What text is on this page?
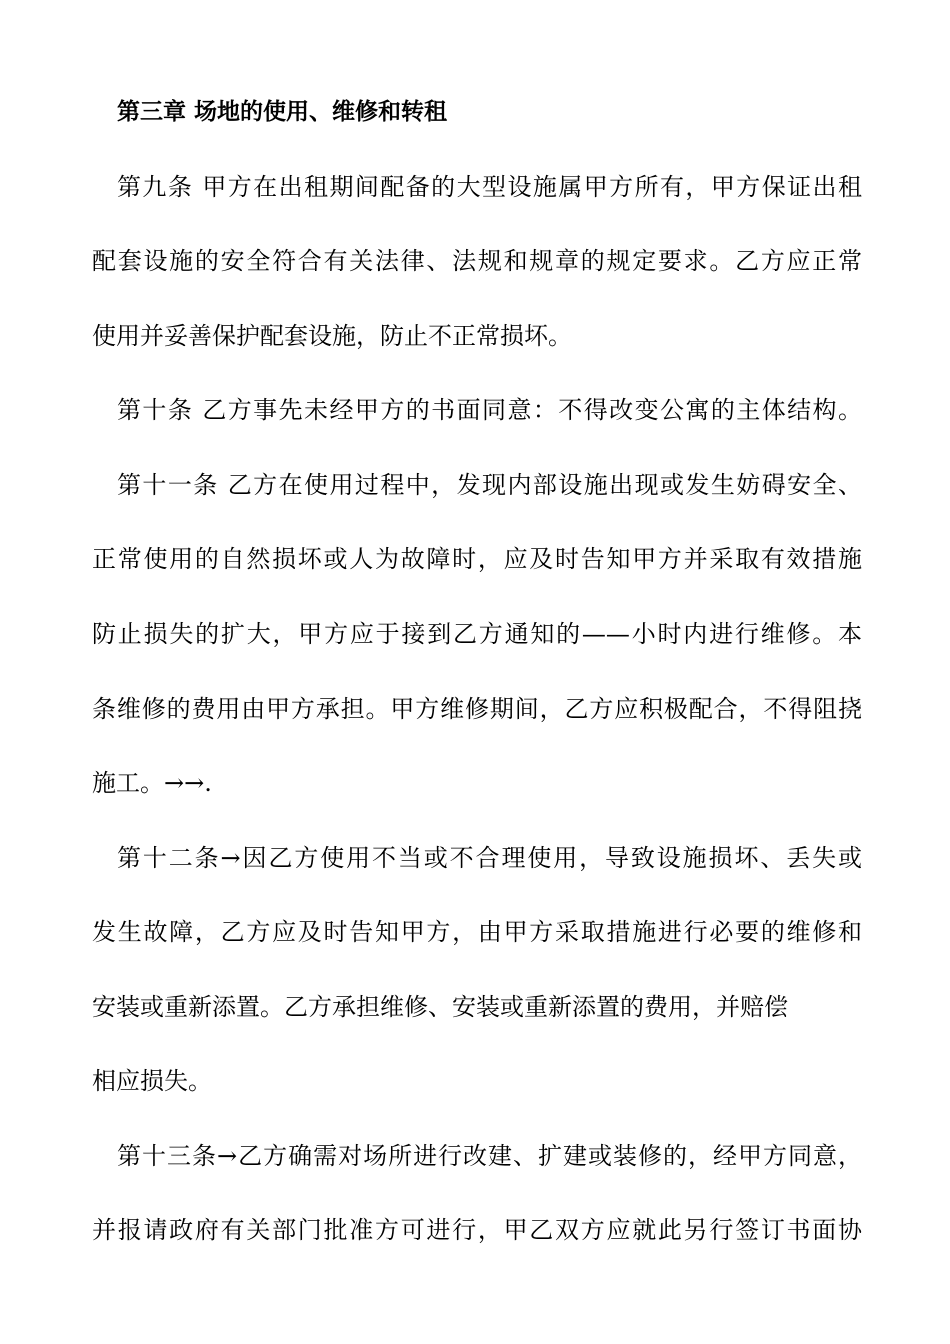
第三章 场地的使用、维修和转租
第九条 甲方在出租期间配备的大型设施属甲方所有，甲方保证出租
配套设施的安全符合有关法律、法规和规章的规定要求。乙方应正常
使用并妥善保护配套设施，防止不正常损坏。
第十条 乙方事先未经甲方的书面同意：不得改变公寓的主体结构。
第十一条 乙方在使用过程中，发现内部设施出现或发生妨碍安全、
正常使用的自然损坏或人为故障时，应及时告知甲方并采取有效措施
防止损失的扩大，甲方应于接到乙方通知的——小时内进行维修。本
条维修的费用由甲方承担。甲方维修期间，乙方应积极配合，不得阻挠
施工。→→.
第十二条→因乙方使用不当或不合理使用，导致设施损坏、丢失或
发生故障，乙方应及时告知甲方，由甲方采取措施进行必要的维修和
安装或重新添置。乙方承担维修、安装或重新添置的费用，并赔偿
相应损失。
第十三条→乙方确需对场所进行改建、扩建或装修的，经甲方同意，
并报请政府有关部门批准方可进行，甲乙双方应就此另行签订书面协
